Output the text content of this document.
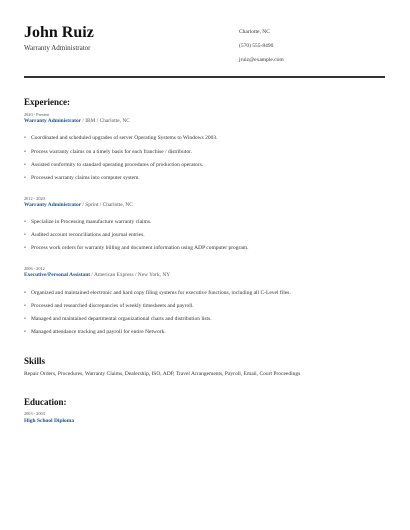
John Ruiz
Warranty Administrator
Charlotte, NC
(570) 555-8490
jruiz@example.com
Experience:
2020 - Present
Warranty Administrator / IBM / Charlotte, NC
• Coordinated and scheduled upgrades of server Operating Systems to Windows 2003.
• Process warranty claims on a timely basis for each franchise / distributor.
• Assisted conformity to standard operating procedures of production operators.
• Processed warranty claims into computer system.
2012 - 2020
Warranty Administrator / Sprint / Charlotte, NC
• Specialize in Processing manufacture warranty claims.
• Audited account reconciliations and journal entries.
• Process work orders for warranty billing and document information using ADP computer program.
2006 - 2012
Executive/Personal Assistant / American Express / New York, NY
• Organized and maintained electronic and hard copy filing systems for executive functions, including all C-Level files.
• Processed and researched discrepancies of weekly timesheets and payroll.
• Managed and maintained departmental organizational charts and distribution lists.
• Managed attendance tracking and payroll for entire Network.
Skills
Repair Orders, Procedures, Warranty Claims, Dealership, ISO, ADP, Travel Arrangements, Payroll, Email, Court Proceedings
Education:
2003 - 2003
High School Diploma
